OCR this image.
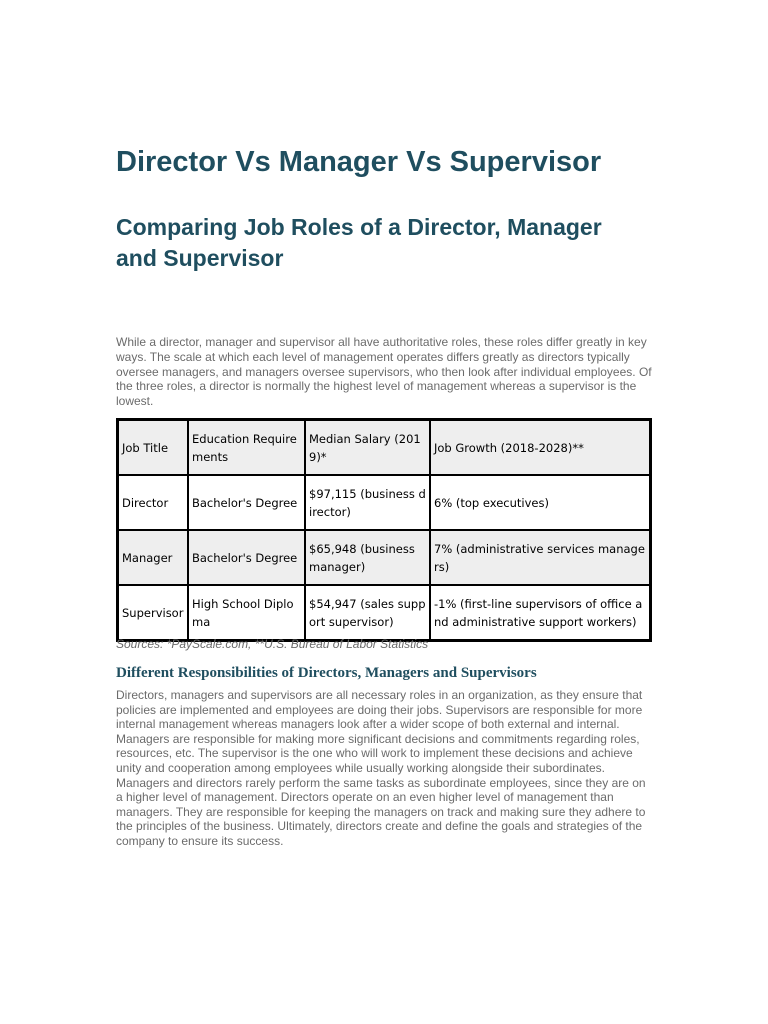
Director Vs Manager Vs Supervisor
Comparing Job Roles of a Director, Manager and Supervisor

While a director, manager and supervisor all have authoritative roles, these roles differ greatly in key ways. The scale at which each level of management operates differs greatly as directors typically oversee managers, and managers oversee supervisors, who then look after individual employees. Of the three roles, a director is normally the highest level of management whereas a supervisor is the lowest.

Job Title	Education Requirements	Median Salary (2019)*	Job Growth (2018-2028)**
Director	Bachelor's Degree	$97,115 (business director)	6% (top executives)
Manager	Bachelor's Degree	$65,948 (business manager)	7% (administrative services managers)
Supervisor	High School Diploma	$54,947 (sales support supervisor)	-1% (first-line supervisors of office and administrative support workers)

Sources: *PayScale.com, **U.S. Bureau of Labor Statistics

Different Responsibilities of Directors, Managers and Supervisors

Directors, managers and supervisors are all necessary roles in an organization, as they ensure that policies are implemented and employees are doing their jobs. Supervisors are responsible for more internal management whereas managers look after a wider scope of both external and internal. Managers are responsible for making more significant decisions and commitments regarding roles, resources, etc. The supervisor is the one who will work to implement these decisions and achieve unity and cooperation among employees while usually working alongside their subordinates. Managers and directors rarely perform the same tasks as subordinate employees, since they are on a higher level of management. Directors operate on an even higher level of management than managers. They are responsible for keeping the managers on track and making sure they adhere to the principles of the business. Ultimately, directors create and define the goals and strategies of the company to ensure its success.
